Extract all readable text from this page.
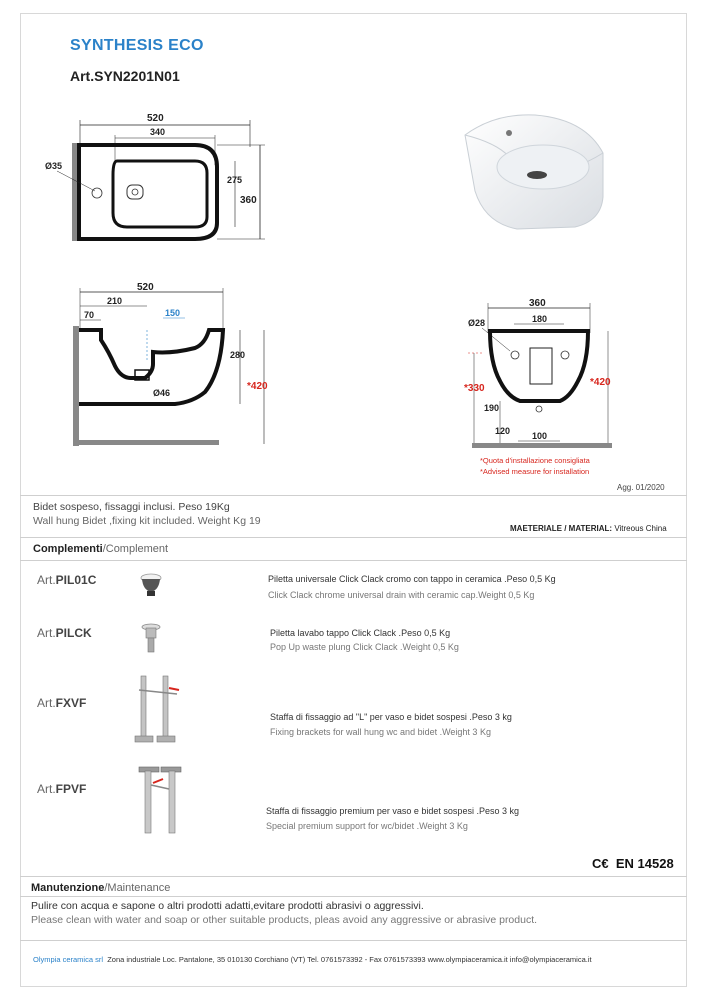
SYNTHESIS ECO
Art.SYN2201N01
520
340
Ø35
275
360
520
210
70	150
Ø46
280
*420
360
180
Ø28
*330
*420
190
120 100
*Quota d'installazione consigliata
*Advised measure for installation
Agg. 01/2020
Bidet sospeso, fissaggi inclusi. Peso 19Kg
Wall hung Bidet ,fixing kit included. Weight Kg 19
MAETERIALE / MATERIAL: Vitreous China
Complementi/Complement
Art.PIL01C	Piletta universale Click Clack cromo con tappo in ceramica .Peso 0,5 Kg
Click Clack chrome universal drain with ceramic cap.Weight 0,5 Kg
Art.PILCK	Piletta lavabo tappo Click Clack .Peso 0,5 Kg
Pop Up waste plung Click Clack .Weight 0,5 Kg
Art.FXVF
Staffa di fissaggio ad "L" per vaso e bidet sospesi .Peso 3 kg
Fixing brackets for wall hung wc and bidet .Weight 3 Kg
Art.FPVF
Staffa di fissaggio premium per vaso e bidet sospesi .Peso 3 kg
Special premium support for wc/bidet .Weight 3 Kg
C€ EN 14528
Manutenzione/Maintenance
Pulire con acqua e sapone o altri prodotti adatti,evitare prodotti abrasivi o aggressivi.
Please clean with water and soap or other suitable products, pleas avoid any aggressive or abrasive product.
Olympia ceramica srl Zona industriale Loc. Pantalone, 35 010130 Corchiano (VT) Tel. 0761573392 - Fax 0761573393 www.olympiaceramica.it info@olympiaceramica.it
